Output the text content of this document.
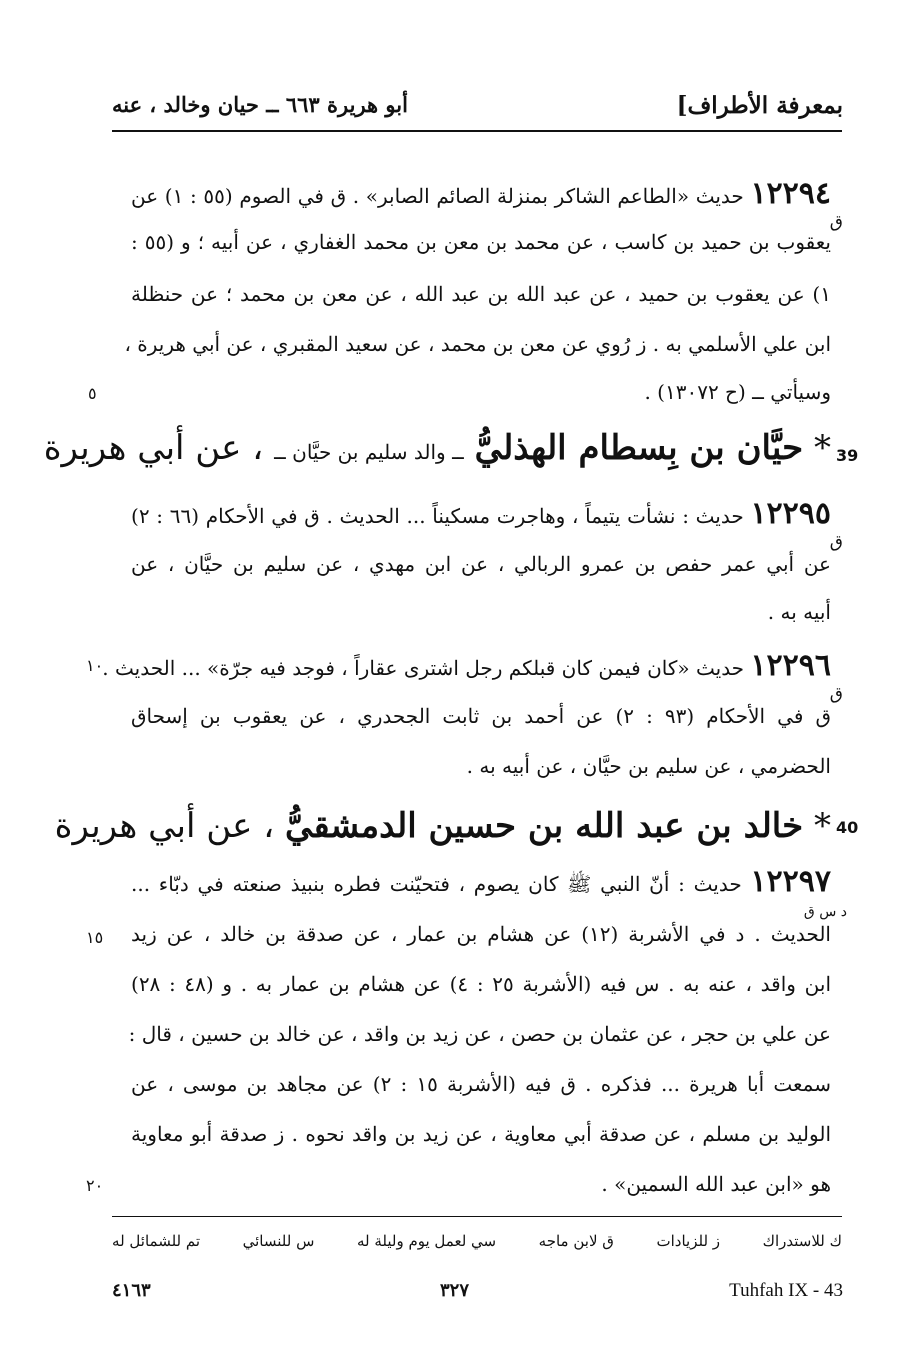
بمعرفة الأطراف]
أبو هريرة ٦٦٣ ــ حيان وخالد ، عنه
١٢٢٩٤ حديث «الطاعم الشاكر بمنزلة الصائم الصابر» . ق في الصوم (٥٥ : ١) عن
ق
يعقوب بن حميد بن كاسب ، عن محمد بن معن بن محمد الغفاري ، عن أبيه ؛ و (٥٥ :
١) عن يعقوب بن حميد ، عن عبد الله بن عبد الله ، عن معن بن محمد ؛ عن حنظلة
ابن علي الأسلمي به . ز رُوي عن معن بن محمد ، عن سعيد المقبري ، عن أبي هريرة ،
وسيأتي ــ (ح ١٣٠٧٢) .
٥
* حيَّان بن بِسطام الهذليُّ ــ والد سليم بن حيَّان ــ ، عن أبي هريرة	39
١٢٢٩٥ حديث : نشأت يتيماً ، وهاجرت مسكيناً ... الحديث . ق في الأحكام (٦٦ : ٢)
ق
عن أبي عمر حفص بن عمرو الربالي ، عن ابن مهدي ، عن سليم بن حيَّان ، عن
أبيه به .
١٢٢٩٦ حديث «كان فيمن كان قبلكم رجل اشترى عقاراً ، فوجد فيه جرّة» ... الحديث .
ق
ق في الأحكام (٩٣ : ٢) عن أحمد بن ثابت الجحدري ، عن يعقوب بن إسحاق
الحضرمي ، عن سليم بن حيَّان ، عن أبيه به .
١٠
* خالد بن عبد الله بن حسين الدمشقيُّ ، عن أبي هريرة	40
١٢٢٩٧ حديث : أنّ النبي ﷺ كان يصوم ، فتحيّنت فطره بنبيذ صنعته في دبّاء ...
د س ق
الحديث . د في الأشربة (١٢) عن هشام بن عمار ، عن صدقة بن خالد ، عن زيد
ابن واقد ، عنه به . س فيه (الأشربة ٢٥ : ٤) عن هشام بن عمار به . و (٤٨ : ٢٨)
عن علي بن حجر ، عن عثمان بن حصن ، عن زيد بن واقد ، عن خالد بن حسين ، قال :
سمعت أبا هريرة ... فذكره . ق فيه (الأشربة ١٥ : ٢) عن مجاهد بن موسى ، عن
الوليد بن مسلم ، عن صدقة أبي معاوية ، عن زيد بن واقد نحوه . ز صدقة أبو معاوية
هو «ابن عبد الله السمين» .
١٥
٢٠
تم للشمائل له	س للنسائي	سي لعمل يوم وليلة له	ق لابن ماجه	ز للزيادات	ك للاستدراك
٤١٦٣	٣٢٧	Tuhfah IX - 43
